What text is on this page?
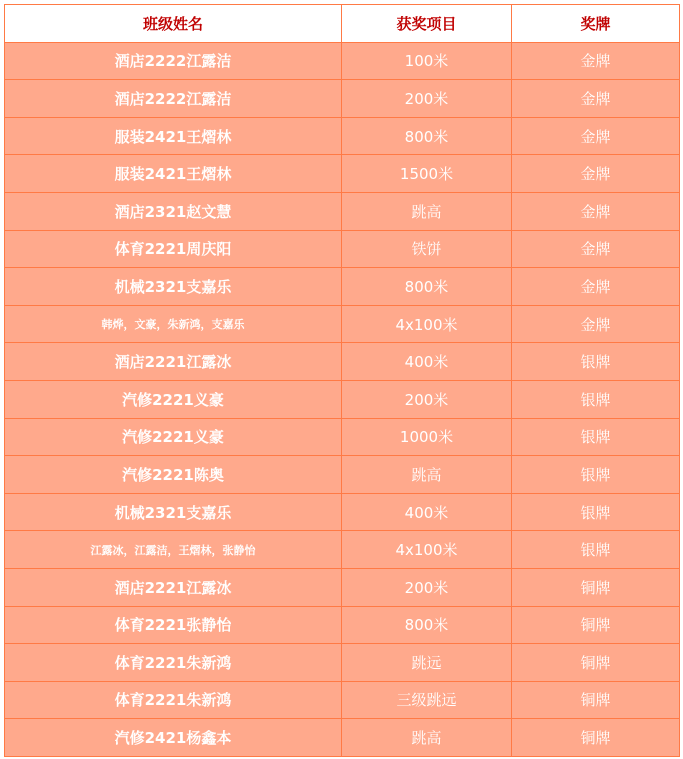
班级姓名	获奖项目	奖牌
酒店2222江露洁	100米	金牌
酒店2222江露洁	200米	金牌
服装2421王熠林	800米	金牌
服装2421王熠林	1500米	金牌
酒店2321赵文慧	跳高	金牌
体育2221周庆阳	铁饼	金牌
机械2321支嘉乐	800米	金牌
韩烨，文豪，朱新鸿，支嘉乐	4x100米	金牌
酒店2221江露冰	400米	银牌
汽修2221义豪	200米	银牌
汽修2221义豪	1000米	银牌
汽修2221陈奥	跳高	银牌
机械2321支嘉乐	400米	银牌
江露冰，江露洁，王熠林，张静怡	4x100米	银牌
酒店2221江露冰	200米	铜牌
体育2221张静怡	800米	铜牌
体育2221朱新鸿	跳远	铜牌
体育2221朱新鸿	三级跳远	铜牌
汽修2421杨鑫本	跳高	铜牌
